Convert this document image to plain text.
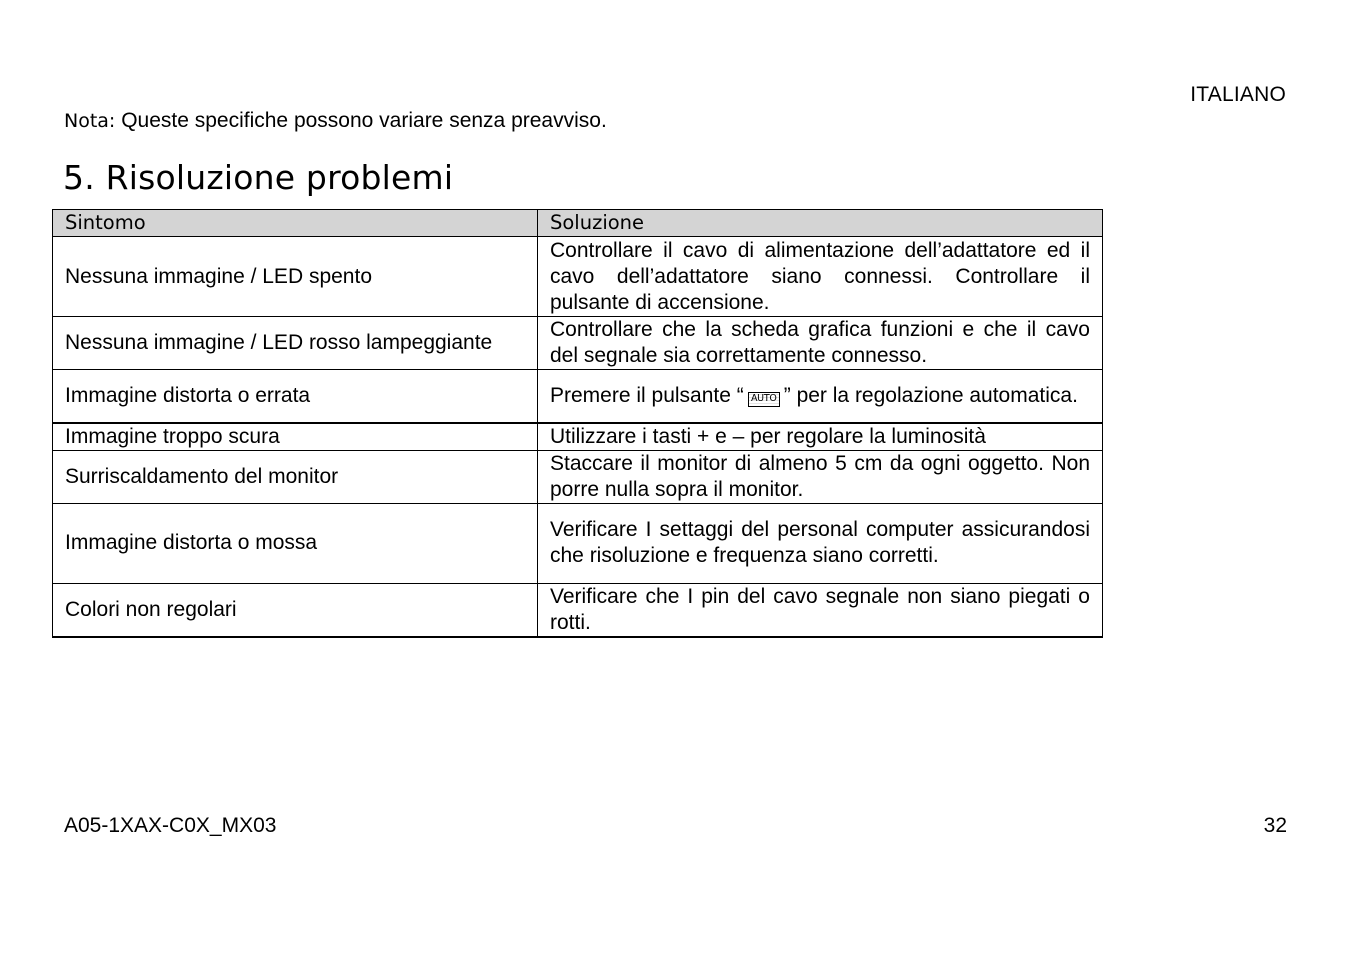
ITALIANO
Nota: Queste specifiche possono variare senza preavviso.
5. Risoluzione problemi
Sintomo	Soluzione
Nessuna immagine / LED spento	Controllare il cavo di alimentazione dell’adattatore ed il cavo dell’adattatore siano connessi. Controllare il pulsante di accensione.
Nessuna immagine / LED rosso lampeggiante	Controllare che la scheda grafica funzioni e che il cavo del segnale sia correttamente connesso.
Immagine distorta o errata	Premere il pulsante “ AUTO ” per la regolazione automatica.
Immagine troppo scura	Utilizzare i tasti + e – per regolare la luminosità
Surriscaldamento del monitor	Staccare il monitor di almeno 5 cm da ogni oggetto. Non porre nulla sopra il monitor.
Immagine distorta o mossa	Verificare I settaggi del personal computer assicurandosi che risoluzione e frequenza siano corretti.
Colori non regolari	Verificare che I pin del cavo segnale non siano piegati o rotti.
A05-1XAX-C0X_MX03	32
